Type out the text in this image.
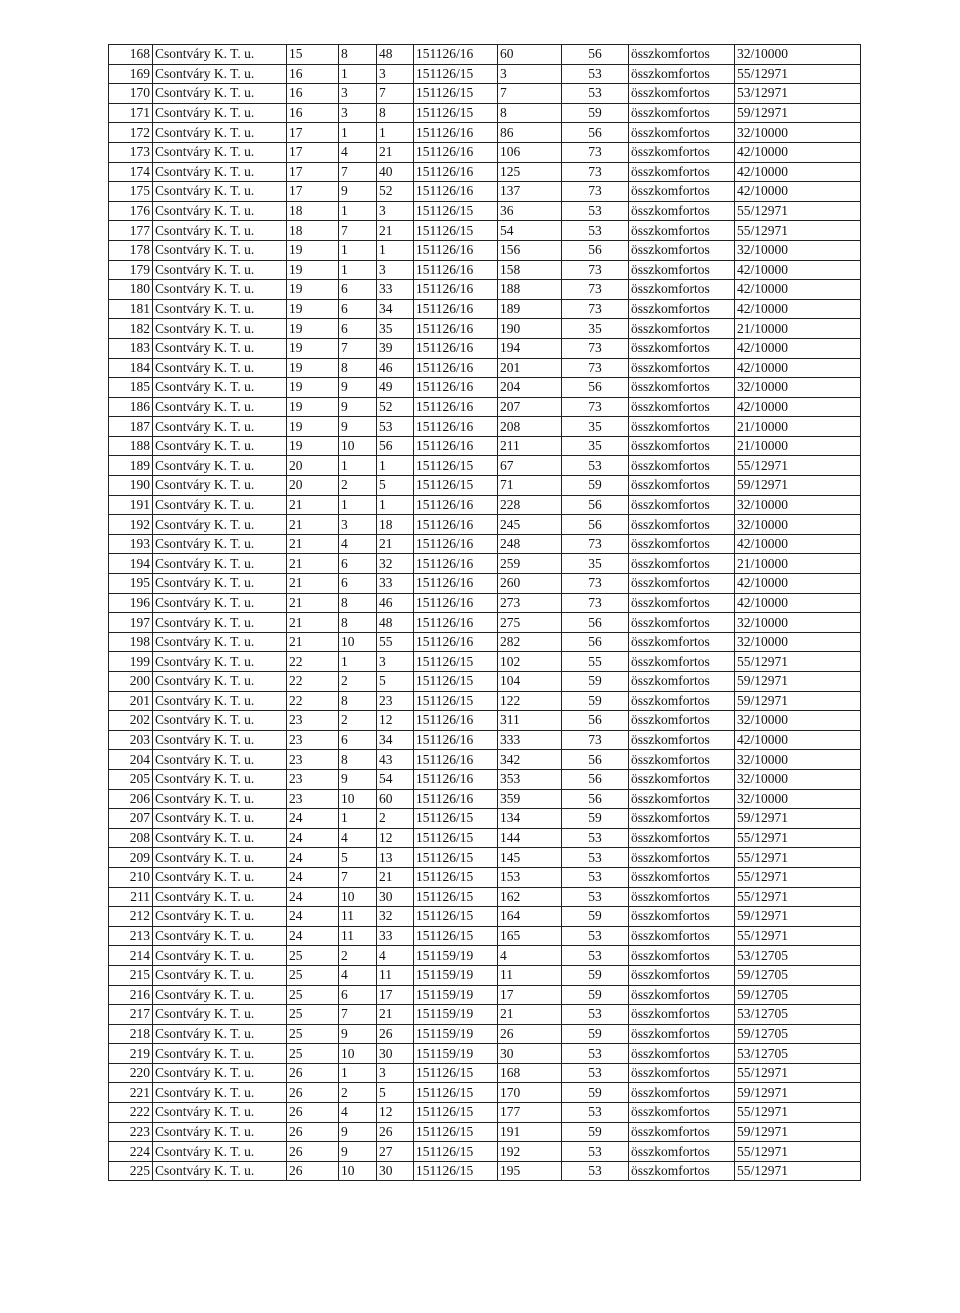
168	Csontváry K. T. u.	15	8	48	151126/16	60	56	összkomfortos	32/10000
169	Csontváry K. T. u.	16	1	3	151126/15	3	53	összkomfortos	55/12971
170	Csontváry K. T. u.	16	3	7	151126/15	7	53	összkomfortos	53/12971
171	Csontváry K. T. u.	16	3	8	151126/15	8	59	összkomfortos	59/12971
172	Csontváry K. T. u.	17	1	1	151126/16	86	56	összkomfortos	32/10000
173	Csontváry K. T. u.	17	4	21	151126/16	106	73	összkomfortos	42/10000
174	Csontváry K. T. u.	17	7	40	151126/16	125	73	összkomfortos	42/10000
175	Csontváry K. T. u.	17	9	52	151126/16	137	73	összkomfortos	42/10000
176	Csontváry K. T. u.	18	1	3	151126/15	36	53	összkomfortos	55/12971
177	Csontváry K. T. u.	18	7	21	151126/15	54	53	összkomfortos	55/12971
178	Csontváry K. T. u.	19	1	1	151126/16	156	56	összkomfortos	32/10000
179	Csontváry K. T. u.	19	1	3	151126/16	158	73	összkomfortos	42/10000
180	Csontváry K. T. u.	19	6	33	151126/16	188	73	összkomfortos	42/10000
181	Csontváry K. T. u.	19	6	34	151126/16	189	73	összkomfortos	42/10000
182	Csontváry K. T. u.	19	6	35	151126/16	190	35	összkomfortos	21/10000
183	Csontváry K. T. u.	19	7	39	151126/16	194	73	összkomfortos	42/10000
184	Csontváry K. T. u.	19	8	46	151126/16	201	73	összkomfortos	42/10000
185	Csontváry K. T. u.	19	9	49	151126/16	204	56	összkomfortos	32/10000
186	Csontváry K. T. u.	19	9	52	151126/16	207	73	összkomfortos	42/10000
187	Csontváry K. T. u.	19	9	53	151126/16	208	35	összkomfortos	21/10000
188	Csontváry K. T. u.	19	10	56	151126/16	211	35	összkomfortos	21/10000
189	Csontváry K. T. u.	20	1	1	151126/15	67	53	összkomfortos	55/12971
190	Csontváry K. T. u.	20	2	5	151126/15	71	59	összkomfortos	59/12971
191	Csontváry K. T. u.	21	1	1	151126/16	228	56	összkomfortos	32/10000
192	Csontváry K. T. u.	21	3	18	151126/16	245	56	összkomfortos	32/10000
193	Csontváry K. T. u.	21	4	21	151126/16	248	73	összkomfortos	42/10000
194	Csontváry K. T. u.	21	6	32	151126/16	259	35	összkomfortos	21/10000
195	Csontváry K. T. u.	21	6	33	151126/16	260	73	összkomfortos	42/10000
196	Csontváry K. T. u.	21	8	46	151126/16	273	73	összkomfortos	42/10000
197	Csontváry K. T. u.	21	8	48	151126/16	275	56	összkomfortos	32/10000
198	Csontváry K. T. u.	21	10	55	151126/16	282	56	összkomfortos	32/10000
199	Csontváry K. T. u.	22	1	3	151126/15	102	55	összkomfortos	55/12971
200	Csontváry K. T. u.	22	2	5	151126/15	104	59	összkomfortos	59/12971
201	Csontváry K. T. u.	22	8	23	151126/15	122	59	összkomfortos	59/12971
202	Csontváry K. T. u.	23	2	12	151126/16	311	56	összkomfortos	32/10000
203	Csontváry K. T. u.	23	6	34	151126/16	333	73	összkomfortos	42/10000
204	Csontváry K. T. u.	23	8	43	151126/16	342	56	összkomfortos	32/10000
205	Csontváry K. T. u.	23	9	54	151126/16	353	56	összkomfortos	32/10000
206	Csontváry K. T. u.	23	10	60	151126/16	359	56	összkomfortos	32/10000
207	Csontváry K. T. u.	24	1	2	151126/15	134	59	összkomfortos	59/12971
208	Csontváry K. T. u.	24	4	12	151126/15	144	53	összkomfortos	55/12971
209	Csontváry K. T. u.	24	5	13	151126/15	145	53	összkomfortos	55/12971
210	Csontváry K. T. u.	24	7	21	151126/15	153	53	összkomfortos	55/12971
211	Csontváry K. T. u.	24	10	30	151126/15	162	53	összkomfortos	55/12971
212	Csontváry K. T. u.	24	11	32	151126/15	164	59	összkomfortos	59/12971
213	Csontváry K. T. u.	24	11	33	151126/15	165	53	összkomfortos	55/12971
214	Csontváry K. T. u.	25	2	4	151159/19	4	53	összkomfortos	53/12705
215	Csontváry K. T. u.	25	4	11	151159/19	11	59	összkomfortos	59/12705
216	Csontváry K. T. u.	25	6	17	151159/19	17	59	összkomfortos	59/12705
217	Csontváry K. T. u.	25	7	21	151159/19	21	53	összkomfortos	53/12705
218	Csontváry K. T. u.	25	9	26	151159/19	26	59	összkomfortos	59/12705
219	Csontváry K. T. u.	25	10	30	151159/19	30	53	összkomfortos	53/12705
220	Csontváry K. T. u.	26	1	3	151126/15	168	53	összkomfortos	55/12971
221	Csontváry K. T. u.	26	2	5	151126/15	170	59	összkomfortos	59/12971
222	Csontváry K. T. u.	26	4	12	151126/15	177	53	összkomfortos	55/12971
223	Csontváry K. T. u.	26	9	26	151126/15	191	59	összkomfortos	59/12971
224	Csontváry K. T. u.	26	9	27	151126/15	192	53	összkomfortos	55/12971
225	Csontváry K. T. u.	26	10	30	151126/15	195	53	összkomfortos	55/12971
